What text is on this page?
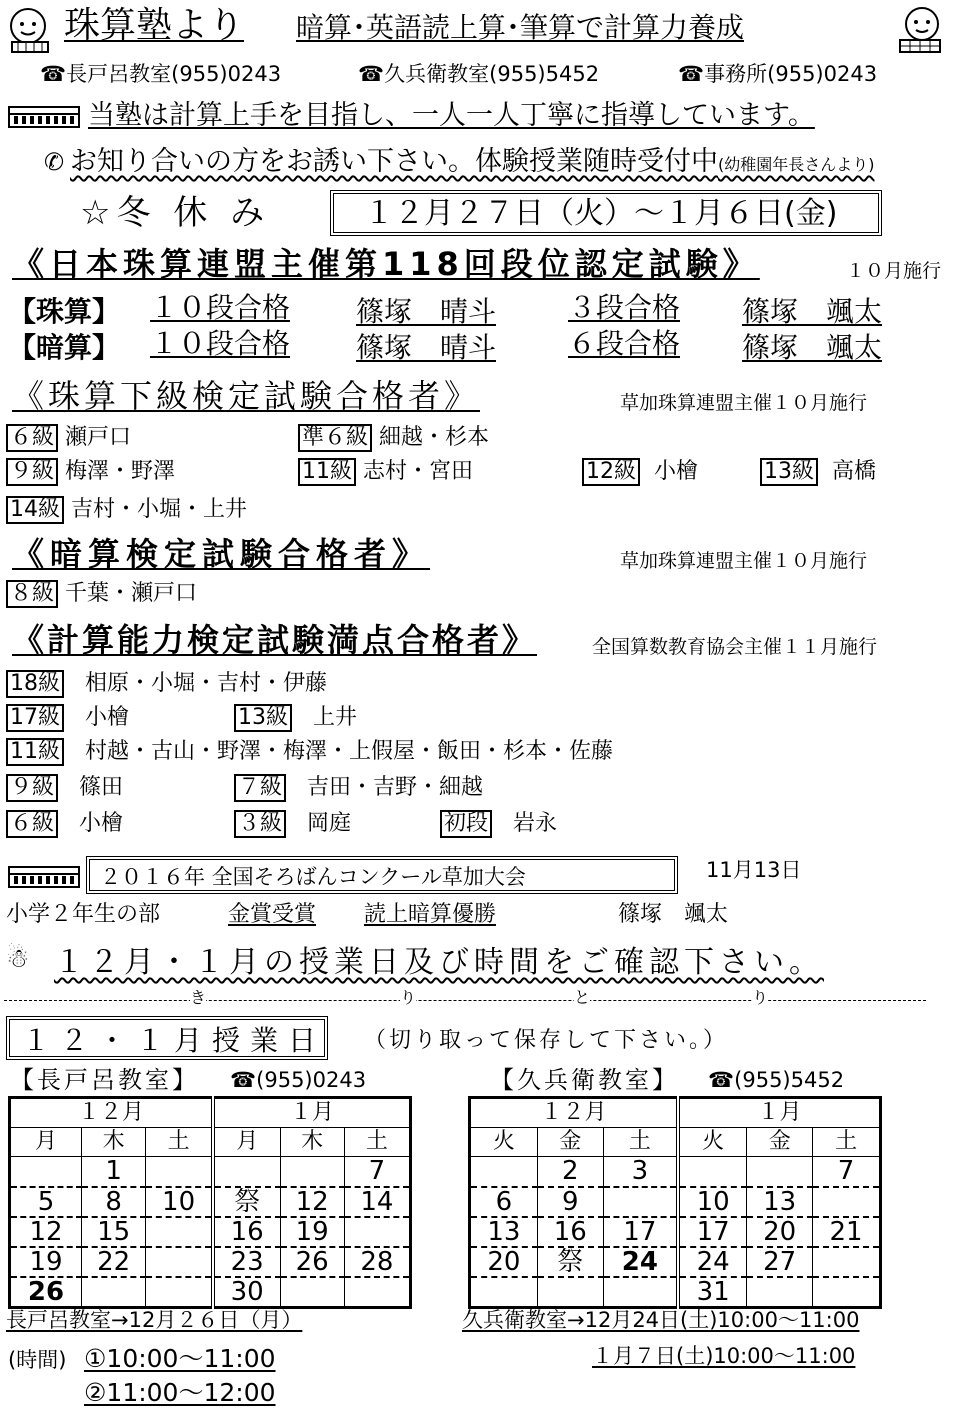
珠算塾より 暗算･英語読上算･筆算で計算力養成
☎長戸呂教室(955)0243	☎久兵衛教室(955)5452	☎事務所(955)0243
当塾は計算上手を目指し、一人一人丁寧に指導しています。
✆ お知り合いの方をお誘い下さい。体験授業随時受付中(幼稚園年長さんより)
☆冬 休 み	１２月２７日（火）～１月６日(金)
《日本珠算連盟主催第118回段位認定試験》	１０月施行
【珠算】 １０段合格 篠塚　晴斗	３段合格 篠塚　颯太
【暗算】 １０段合格 篠塚　晴斗	６段合格 篠塚　颯太
《珠算下級検定試験合格者》	草加珠算連盟主催１０月施行
６級 瀬戸口	準６級 細越・杉本
９級 梅澤・野澤	11級 志村・宮田	12級 小檜	13級 高橋
14級 吉村・小堀・上井
《暗算検定試験合格者》	草加珠算連盟主催１０月施行
８級 千葉・瀬戸口
《計算能力検定試験満点合格者》	全国算数教育協会主催１１月施行
18級 相原・小堀・吉村・伊藤
17級 小檜	13級 上井
11級 村越・古山・野澤・梅澤・上假屋・飯田・杉本・佐藤
９級 篠田	７級 吉田・吉野・細越
６級 小檜	３級 岡庭	初段 岩永
２０１６年 全国そろばんコンクール草加大会	11月13日
小学２年生の部	金賞受賞 読上暗算優勝	篠塚　颯太
☃ １２月・１月の授業日及び時間をご確認下さい。
き	り	と	り
１２・１月授業日 （切り取って保存して下さい。）
【長戸呂教室】 ☎(955)0243	【久兵衛教室】 ☎(955)5452
１２月			１月		
月	木	土	月	木	土
	1				7
5	8	10	祭	12	14
12	15		16	19	
19	22		23	26	28
26			30		
１２月			１月		
火	金	土	火	金	土
	2	3			7
6	9		10	13	
13	16	17	17	20	21
20	祭	24	24	27	
			31		
長戸呂教室→12月２６日（月）
(時間) ①10:00～11:00
②11:00～12:00
久兵衛教室→12月24日(土)10:00～11:00
１月７日(土)10:00～11:00
